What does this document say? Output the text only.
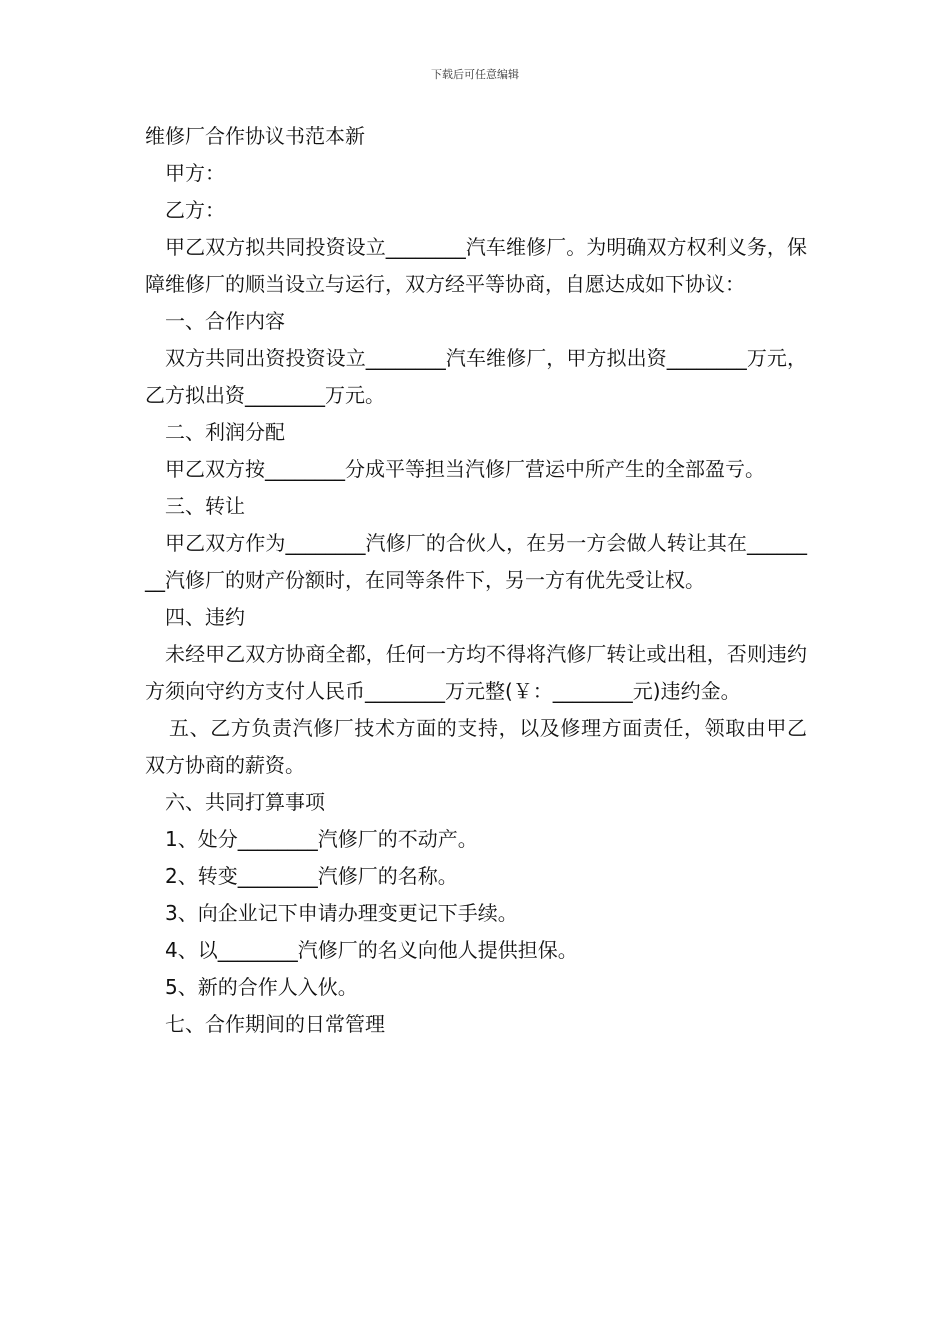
下载后可任意编辑

维修厂合作协议书范本新

甲方：

乙方：

甲乙双方拟共同投资设立________汽车维修厂。为明确双方权利义务，保障维修厂的顺当设立与运行，双方经平等协商，自愿达成如下协议：

一、合作内容

双方共同出资投资设立________汽车维修厂，甲方拟出资________万元，乙方拟出资________万元。

二、利润分配

甲乙双方按________分成平等担当汽修厂营运中所产生的全部盈亏。

三、转让

甲乙双方作为________汽修厂的合伙人，在另一方会做人转让其在________汽修厂的财产份额时，在同等条件下，另一方有优先受让权。

四、违约

未经甲乙双方协商全都，任何一方均不得将汽修厂转让或出租，否则违约方须向守约方支付人民币________万元整(￥：________元)违约金。

五、乙方负责汽修厂技术方面的支持，以及修理方面责任，领取由甲乙双方协商的薪资。

六、共同打算事项

1、处分________汽修厂的不动产。

2、转变________汽修厂的名称。

3、向企业记下申请办理变更记下手续。

4、以________汽修厂的名义向他人提供担保。

5、新的合作人入伙。

七、合作期间的日常管理
